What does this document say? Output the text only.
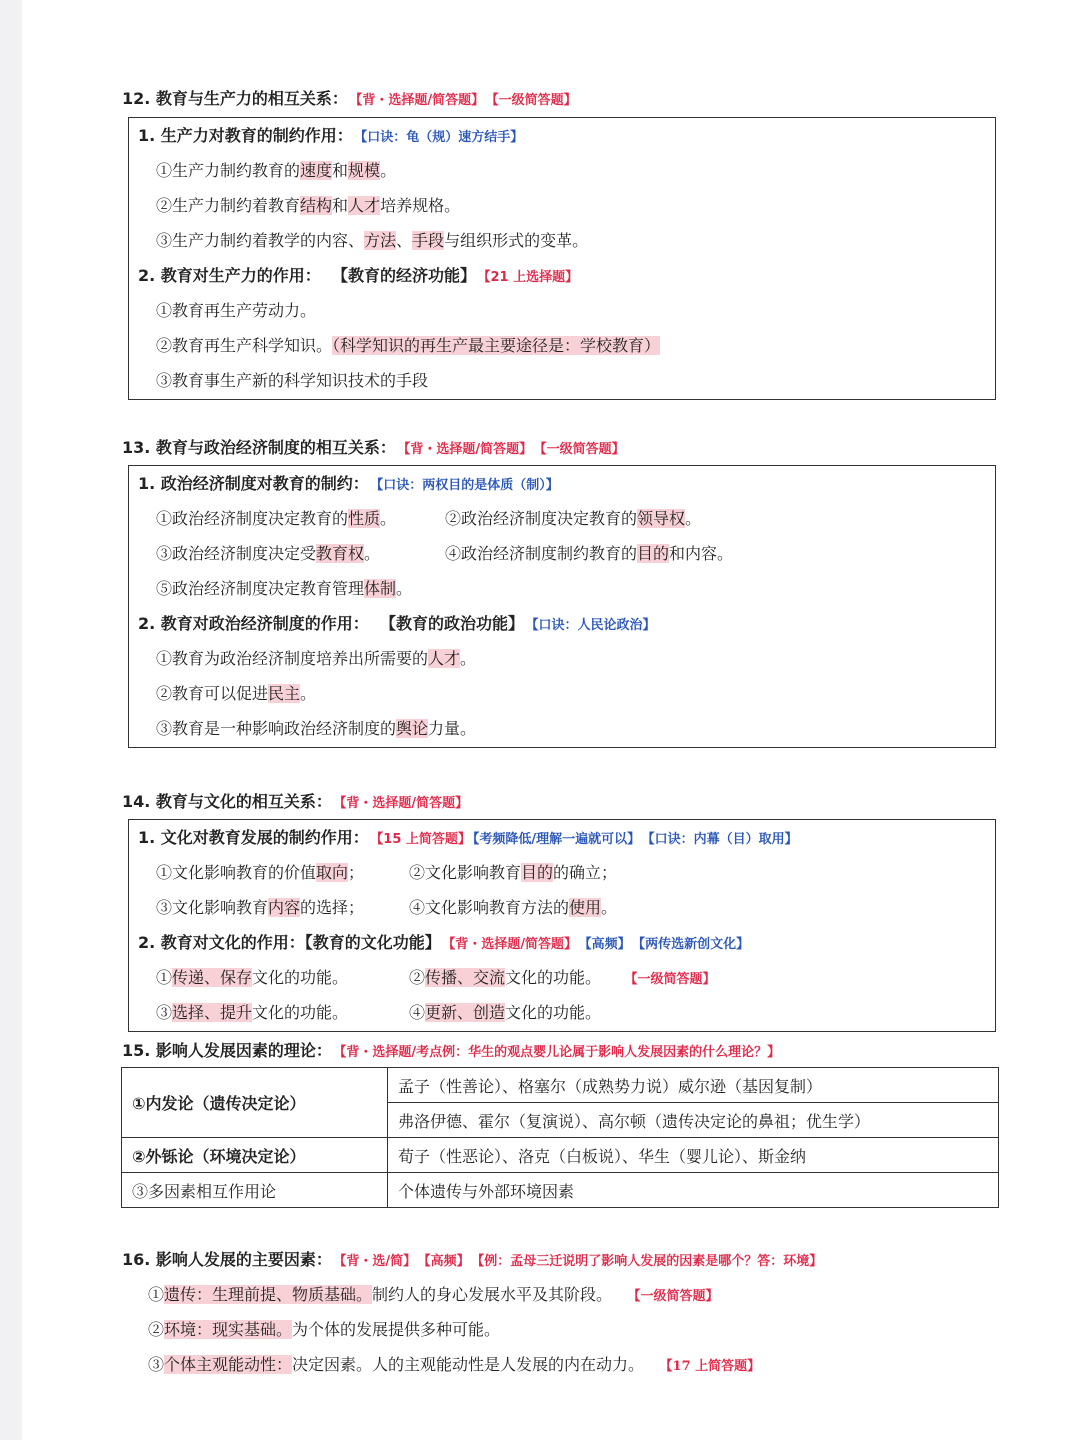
12. 教育与生产力的相互关系： 【背・选择题/简答题】 【一级简答题】
1. 生产力对教育的制约作用： 【口诀：龟（规）速方结手】
①生产力制约教育的速度和规模。
②生产力制约着教育结构和人才培养规格。
③生产力制约着教学的内容、方法、手段与组织形式的变革。
2. 教育对生产力的作用： 【教育的经济功能】 【21 上选择题】
①教育再生产劳动力。
②教育再生产科学知识。（科学知识的再生产最主要途径是：学校教育）
③教育事生产新的科学知识技术的手段
13. 教育与政治经济制度的相互关系： 【背・选择题/简答题】 【一级简答题】
1. 政治经济制度对教育的制约： 【口诀：两权目的是体质（制）】
①政治经济制度决定教育的性质。	②政治经济制度决定教育的领导权。
③政治经济制度决定受教育权。	④政治经济制度制约教育的目的和内容。
⑤政治经济制度决定教育管理体制。
2. 教育对政治经济制度的作用： 【教育的政治功能】 【口诀：人民论政治】
①教育为政治经济制度培养出所需要的人才。
②教育可以促进民主。
③教育是一种影响政治经济制度的舆论力量。
14. 教育与文化的相互关系： 【背・选择题/简答题】
1. 文化对教育发展的制约作用： 【15 上简答题】 【考频降低/理解一遍就可以】 【口诀：内幕（目）取用】
①文化影响教育的价值取向；	②文化影响教育目的的确立；
③文化影响教育内容的选择；	④文化影响教育方法的使用。
2. 教育对文化的作用：【教育的文化功能】 【背・选择题/简答题】 【高频】 【两传选新创文化】
①传递、保存文化的功能。	②传播、交流文化的功能。 【一级简答题】
③选择、提升文化的功能。	④更新、创造文化的功能。
15. 影响人发展因素的理论： 【背・选择题/考点例：华生的观点婴儿论属于影响人发展因素的什么理论？】
①内发论（遗传决定论）	孟子（性善论）、格塞尔（成熟势力说）威尔逊（基因复制）
	弗洛伊德、霍尔（复演说）、高尔顿（遗传决定论的鼻祖；优生学）
②外铄论（环境决定论）	荀子（性恶论）、洛克（白板说）、华生（婴儿论）、斯金纳
③多因素相互作用论	个体遗传与外部环境因素
16. 影响人发展的主要因素： 【背・选/简】 【高频】 【例：孟母三迁说明了影响人发展的因素是哪个？答：环境】
①遗传：生理前提、物质基础。制约人的身心发展水平及其阶段。 【一级简答题】
②环境：现实基础。为个体的发展提供多种可能。
③个体主观能动性：决定因素。人的主观能动性是人发展的内在动力。 【17 上简答题】
